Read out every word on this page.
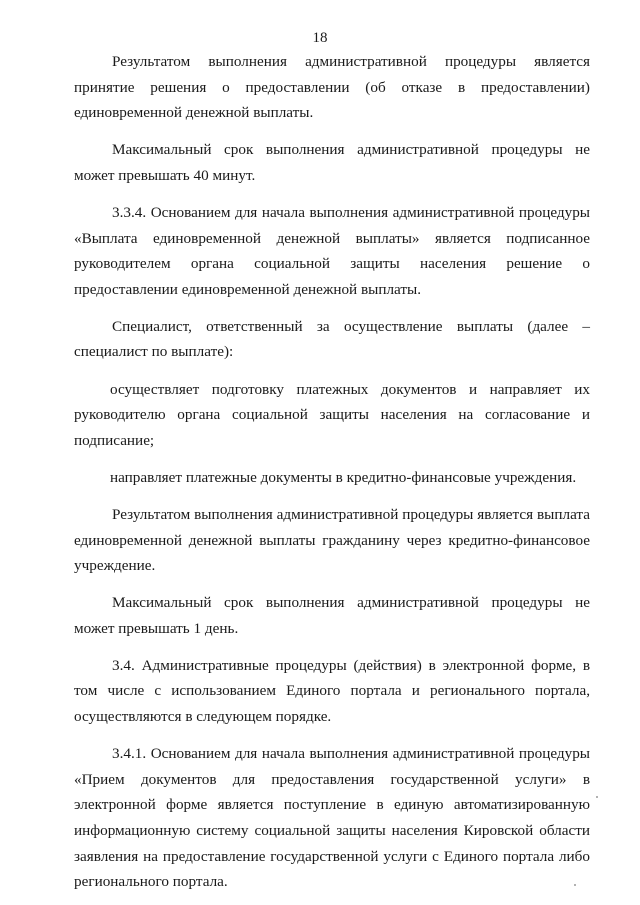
18

Результатом выполнения административной процедуры является принятие решения о предоставлении (об отказе в предоставлении) единовременной денежной выплаты.

Максимальный срок выполнения административной процедуры не может превышать 40 минут.

3.3.4. Основанием для начала выполнения административной процедуры «Выплата единовременной денежной выплаты» является подписанное руководителем органа социальной защиты населения решение о предоставлении единовременной денежной выплаты.

Специалист, ответственный за осуществление выплаты (далее – специалист по выплате):

осуществляет подготовку платежных документов и направляет их руководителю органа социальной защиты населения на согласование и подписание;

направляет платежные документы в кредитно-финансовые учреждения.

Результатом выполнения административной процедуры является выплата единовременной денежной выплаты гражданину через кредитно-финансовое учреждение.

Максимальный срок выполнения административной процедуры не может превышать 1 день.

3.4. Административные процедуры (действия) в электронной форме, в том числе с использованием Единого портала и регионального портала, осуществляются в следующем порядке.

3.4.1. Основанием для начала выполнения административной процедуры «Прием документов для предоставления государственной услуги» в электронной форме является поступление в единую автоматизированную информационную систему социальной защиты населения Кировской области заявления на предоставление государственной услуги с Единого портала либо регионального портала.
